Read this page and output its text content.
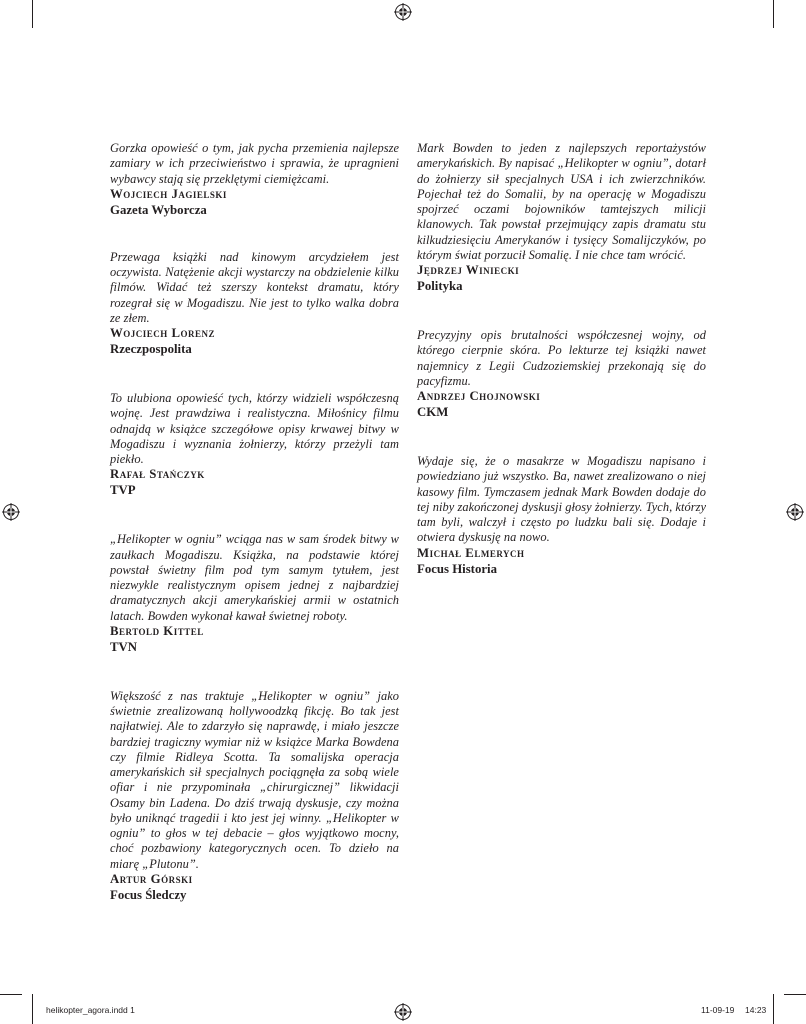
Gorzka opowieść o tym, jak pycha przemienia najlepsze zamiary w ich przeciwieństwo i sprawia, że upragnieni wybawcy stają się przeklętymi ciemiężcami.

Wojciech Jagielski

Gazeta Wyborcza

Przewaga książki nad kinowym arcydziełem jest oczywista. Natężenie akcji wystarczy na obdzielenie kilku filmów. Widać też szerszy kontekst dramatu, który rozegrał się w Mogadiszu. Nie jest to tylko walka dobra ze złem.

Wojciech Lorenz

Rzeczpospolita

To ulubiona opowieść tych, którzy widzieli współczesną wojnę. Jest prawdziwa i realistyczna. Miłośnicy filmu odnajdą w książce szczegółowe opisy krwawej bitwy w Mogadiszu i wyznania żołnierzy, którzy przeżyli tam piekło.

Rafał Stańczyk

TVP

„Helikopter w ogniu” wciąga nas w sam środek bitwy w zaułkach Mogadiszu. Książka, na podstawie której powstał świetny film pod tym samym tytułem, jest niezwykle realistycznym opisem jednej z najbardziej dramatycznych akcji amerykańskiej armii w ostatnich latach. Bowden wykonał kawał świetnej roboty.

Bertold Kittel

TVN

Większość z nas traktuje „Helikopter w ogniu” jako świetnie zrealizowaną hollywoodzką fikcję. Bo tak jest najłatwiej. Ale to zdarzyło się naprawdę, i miało jeszcze bardziej tragiczny wymiar niż w książce Marka Bowdena czy filmie Ridleya Scotta. Ta somalijska operacja amerykańskich sił specjalnych pociągnęła za sobą wiele ofiar i nie przypominała „chirurgicznej” likwidacji Osamy bin Ladena. Do dziś trwają dyskusje, czy można było uniknąć tragedii i kto jest jej winny. „Helikopter w ogniu” to głos w tej debacie – głos wyjątkowo mocny, choć pozbawiony kategorycznych ocen. To dzieło na miarę „Plutonu”.

Artur Górski

Focus Śledczy

Mark Bowden to jeden z najlepszych reportażystów amerykańskich. By napisać „Helikopter w ogniu”, dotarł do żołnierzy sił specjalnych USA i ich zwierzchników. Pojechał też do Somalii, by na operację w Mogadiszu spojrzeć oczami bojowników tamtejszych milicji klanowych. Tak powstał przejmujący zapis dramatu stu kilkudziesięciu Amerykanów i tysięcy Somalijczyków, po którym świat porzucił Somalię. I nie chce tam wrócić.

Jędrzej Winiecki

Polityka

Precyzyjny opis brutalności współczesnej wojny, od którego cierpnie skóra. Po lekturze tej książki nawet najemnicy z Legii Cudzoziemskiej przekonają się do pacyfizmu.

Andrzej Chojnowski

CKM

Wydaje się, że o masakrze w Mogadiszu napisano i powiedziano już wszystko. Ba, nawet zrealizowano o niej kasowy film. Tymczasem jednak Mark Bowden dodaje do tej niby zakończonej dyskusji głosy żołnierzy. Tych, którzy tam byli, walczył i często po ludzku bali się. Dodaje i otwiera dyskusję na nowo.

Michał Elmerych

Focus Historia

helikopter_agora.indd 1	11-09-19 14:23
